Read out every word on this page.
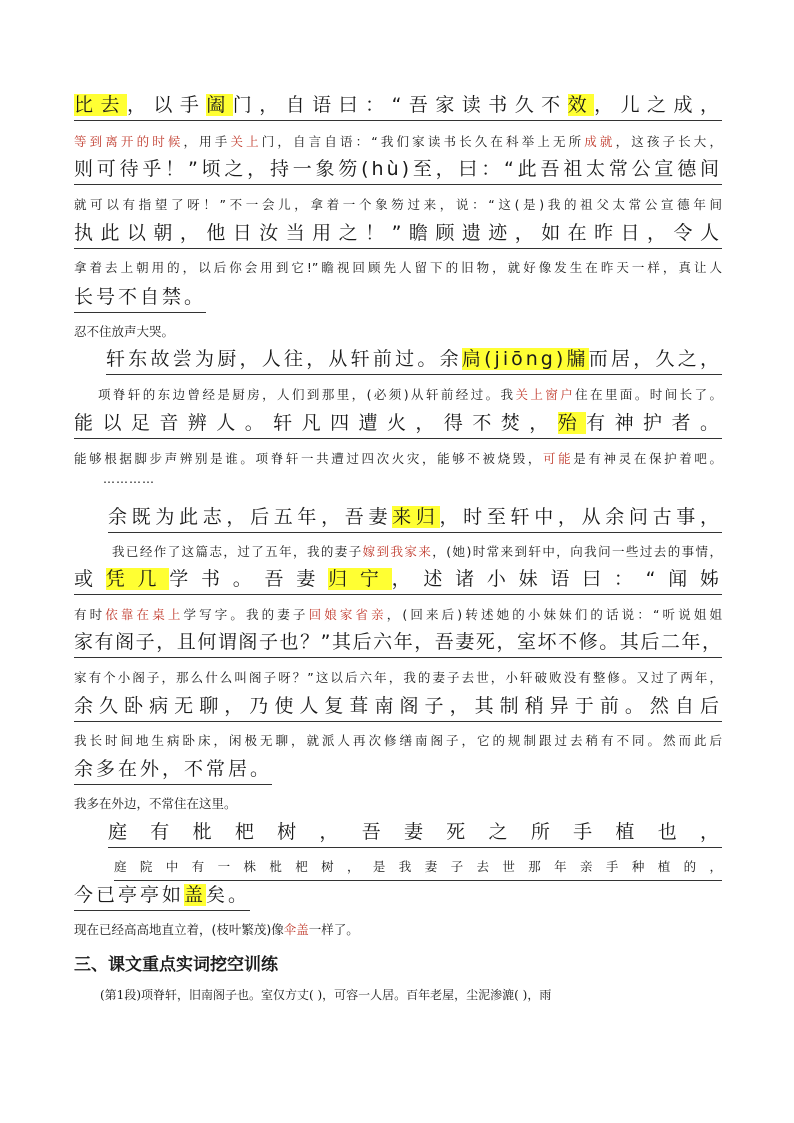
比去，以手阖门，自语曰：“吾家读书久不效，儿之成，
等到离开的时候，用手关上门，自言自语：“我们家读书长久在科举上无所成就，这孩子长大，
则可待乎！”顷之，持一象笏(hù)至，曰：“此吾祖太常公宣德间
就可以有指望了呀！”不一会儿，拿着一个象笏过来，说：“这(是)我的祖父太常公宣德年间
执此以朝，他日汝当用之！”瞻顾遗迹，如在昨日，令人
拿着去上朝用的，以后你会用到它!”瞻视回顾先人留下的旧物，就好像发生在昨天一样，真让人
长号不自禁。
忍不住放声大哭。
轩东故尝为厨，人往，从轩前过。余扃(jiōng)牖而居，久之，
项脊轩的东边曾经是厨房，人们到那里，(必须)从轩前经过。我关上窗户住在里面。时间长了。
能以足音辨人。轩凡四遭火，得不焚，殆有神护者。
能够根据脚步声辨别是谁。项脊轩一共遭过四次火灾，能够不被烧毁，可能是有神灵在保护着吧。
…………
余既为此志，后五年，吾妻来归，时至轩中，从余问古事，
我已经作了这篇志，过了五年，我的妻子嫁到我家来，(她)时常来到轩中，向我问一些过去的事情，
或凭几学书。吾妻归宁，述诸小妹语曰：“闻姊
有时依靠在桌上学写字。我的妻子回娘家省亲，(回来后)转述她的小妹妹们的话说：“听说姐姐
家有阁子，且何谓阁子也？”其后六年，吾妻死，室坏不修。其后二年，
家有个小阁子，那么什么叫阁子呀？”这以后六年，我的妻子去世，小轩破败没有整修。又过了两年，
余久卧病无聊，乃使人复葺南阁子，其制稍异于前。然自后
我长时间地生病卧床，闲极无聊，就派人再次修缮南阁子，它的规制跟过去稍有不同。然而此后
余多在外，不常居。
我多在外边，不常住在这里。
庭有枇杷树，吾妻死之所手植也，
庭院中有一株枇杷树，是我妻子去世那年亲手种植的，
今已亭亭如盖矣。
现在已经高高地直立着，(枝叶繁茂)像伞盖一样了。
三、课文重点实词挖空训练
(第1段)项脊轩，旧南阁子也。室仅方丈( )，可容一人居。百年老屋，尘泥渗漉( )，雨
